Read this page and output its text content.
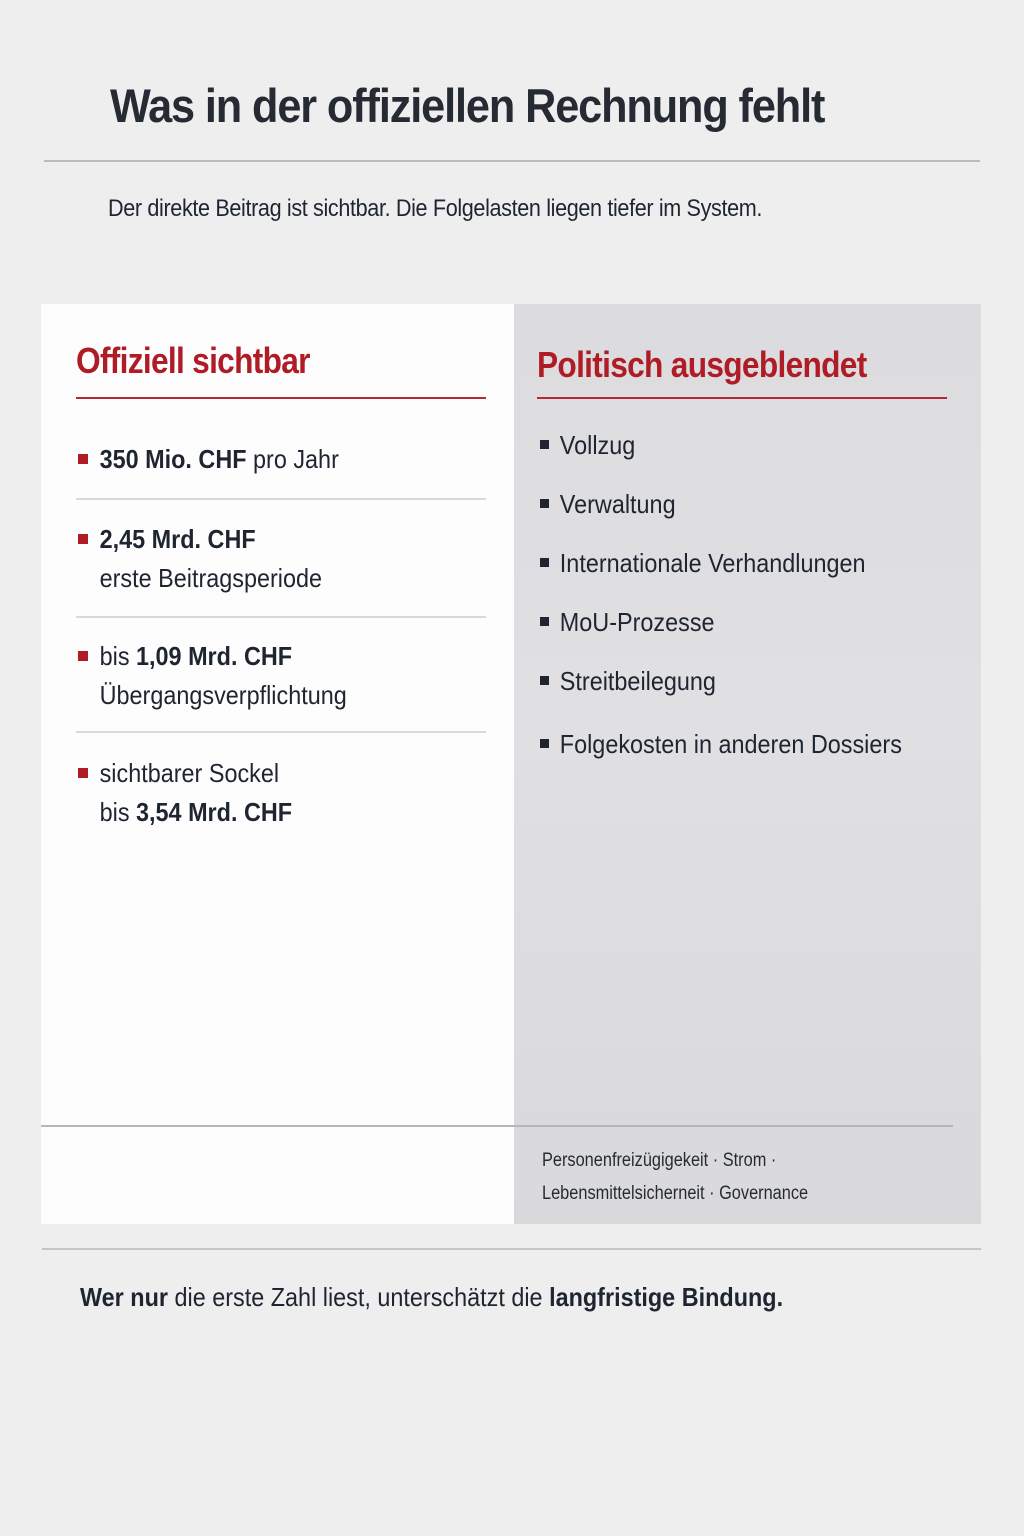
Was in der offiziellen Rechnung fehlt
Der direkte Beitrag ist sichtbar. Die Folgelasten liegen tiefer im System.
Offiziell sichtbar
350 Mio. CHF pro Jahr
2,45 Mrd. CHF
erste Beitragsperiode
bis 1,09 Mrd. CHF
Übergangsverpflichtung
sichtbarer Sockel
bis 3,54 Mrd. CHF
Politisch ausgeblendet
Vollzug
Verwaltung
Internationale Verhandlungen
MoU-Prozesse
Streitbeilegung
Folgekosten in anderen Dossiers
Personenfreizügigekeit · Strom ·
Lebensmittelsicherneit · Governance
Wer nur die erste Zahl liest, unterschätzt die langfristige Bindung.
